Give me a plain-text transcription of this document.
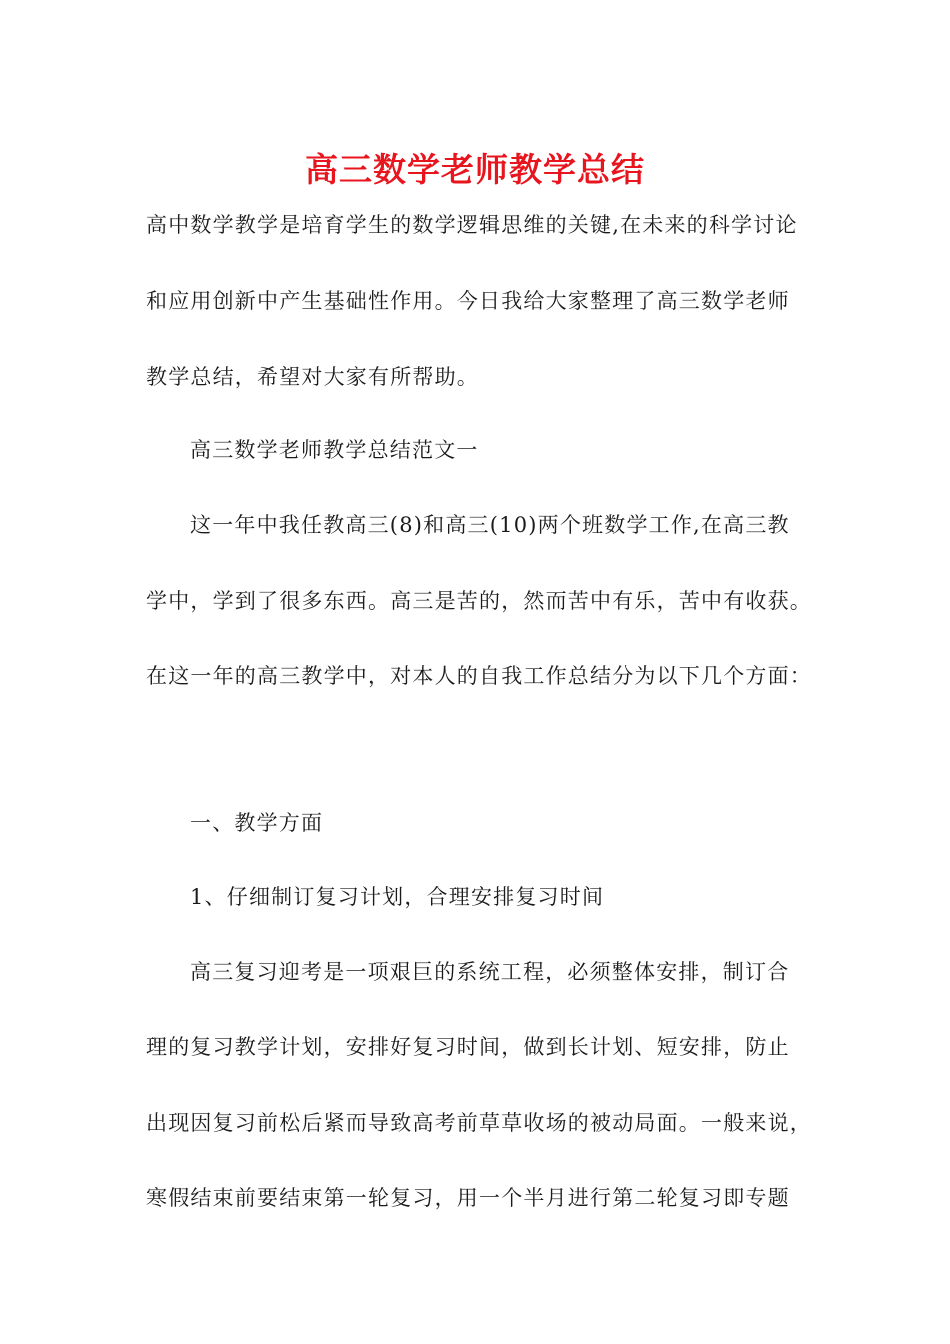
高三数学老师教学总结

高中数学教学是培育学生的数学逻辑思维的关键,在未来的科学讨论

和应用创新中产生基础性作用。今日我给大家整理了高三数学老师

教学总结，希望对大家有所帮助。

高三数学老师教学总结范文一

这一年中我任教高三(8)和高三(10)两个班数学工作,在高三教

学中，学到了很多东西。高三是苦的，然而苦中有乐，苦中有收获。

在这一年的高三教学中，对本人的自我工作总结分为以下几个方面：

一、教学方面

1、仔细制订复习计划，合理安排复习时间

高三复习迎考是一项艰巨的系统工程，必须整体安排，制订合

理的复习教学计划，安排好复习时间，做到长计划、短安排，防止

出现因复习前松后紧而导致高考前草草收场的被动局面。一般来说，

寒假结束前要结束第一轮复习，用一个半月进行第二轮复习即专题
